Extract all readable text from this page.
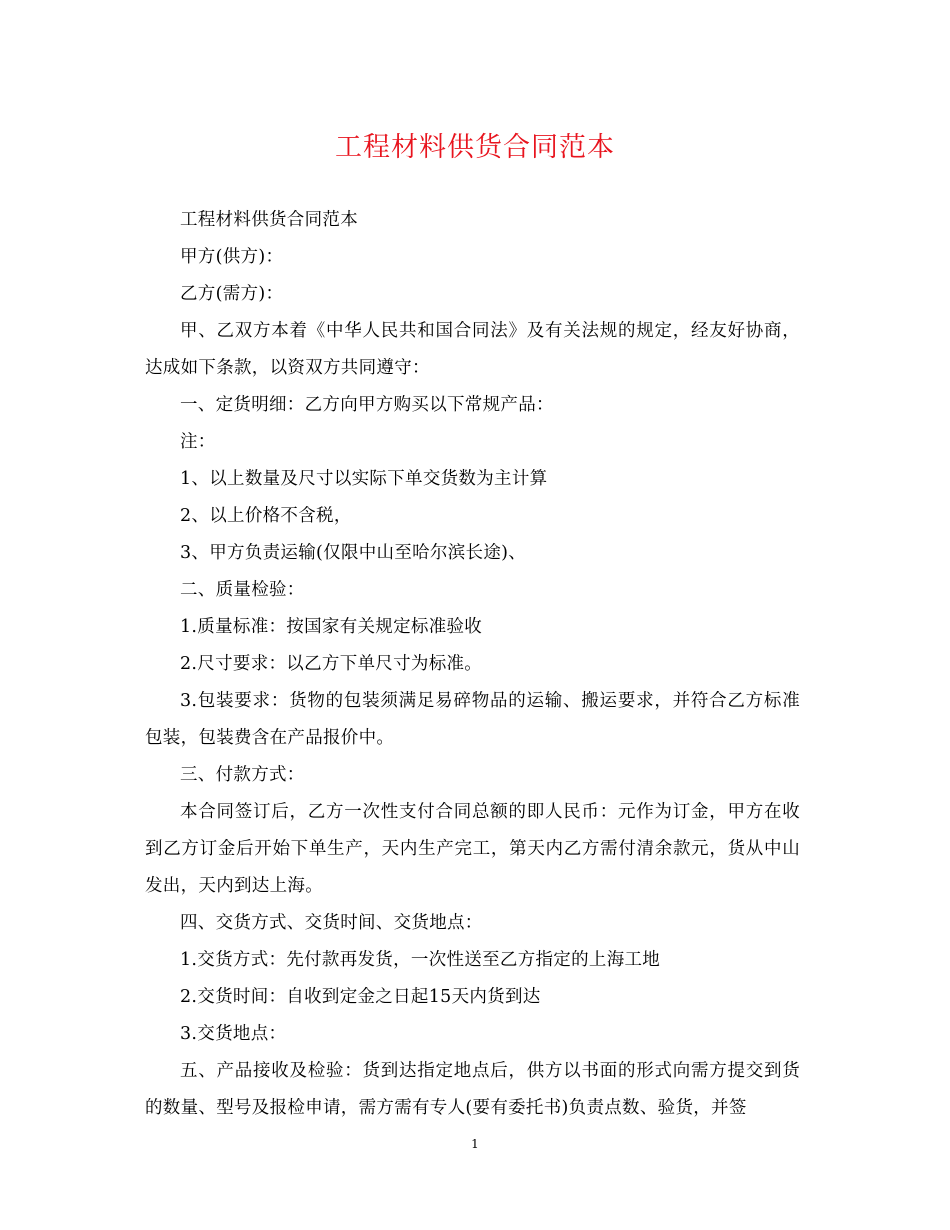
工程材料供货合同范本

工程材料供货合同范本

甲方(供方)：

乙方(需方)：

甲、乙双方本着《中华人民共和国合同法》及有关法规的规定，经友好协商，达成如下条款，以资双方共同遵守：

一、定货明细：乙方向甲方购买以下常规产品：

注：

1、以上数量及尺寸以实际下单交货数为主计算

2、以上价格不含税，

3、甲方负责运输(仅限中山至哈尔滨长途)、

二、质量检验：

1.质量标准：按国家有关规定标准验收

2.尺寸要求：以乙方下单尺寸为标准。

3.包装要求：货物的包装须满足易碎物品的运输、搬运要求，并符合乙方标准包装，包装费含在产品报价中。

三、付款方式：

本合同签订后，乙方一次性支付合同总额的即人民币：元作为订金，甲方在收到乙方订金后开始下单生产，天内生产完工，第天内乙方需付清余款元，货从中山发出，天内到达上海。

四、交货方式、交货时间、交货地点：

1.交货方式：先付款再发货，一次性送至乙方指定的上海工地

2.交货时间：自收到定金之日起15天内货到达

3.交货地点：

五、产品接收及检验：货到达指定地点后，供方以书面的形式向需方提交到货的数量、型号及报检申请，需方需有专人(要有委托书)负责点数、验货，并签

1
